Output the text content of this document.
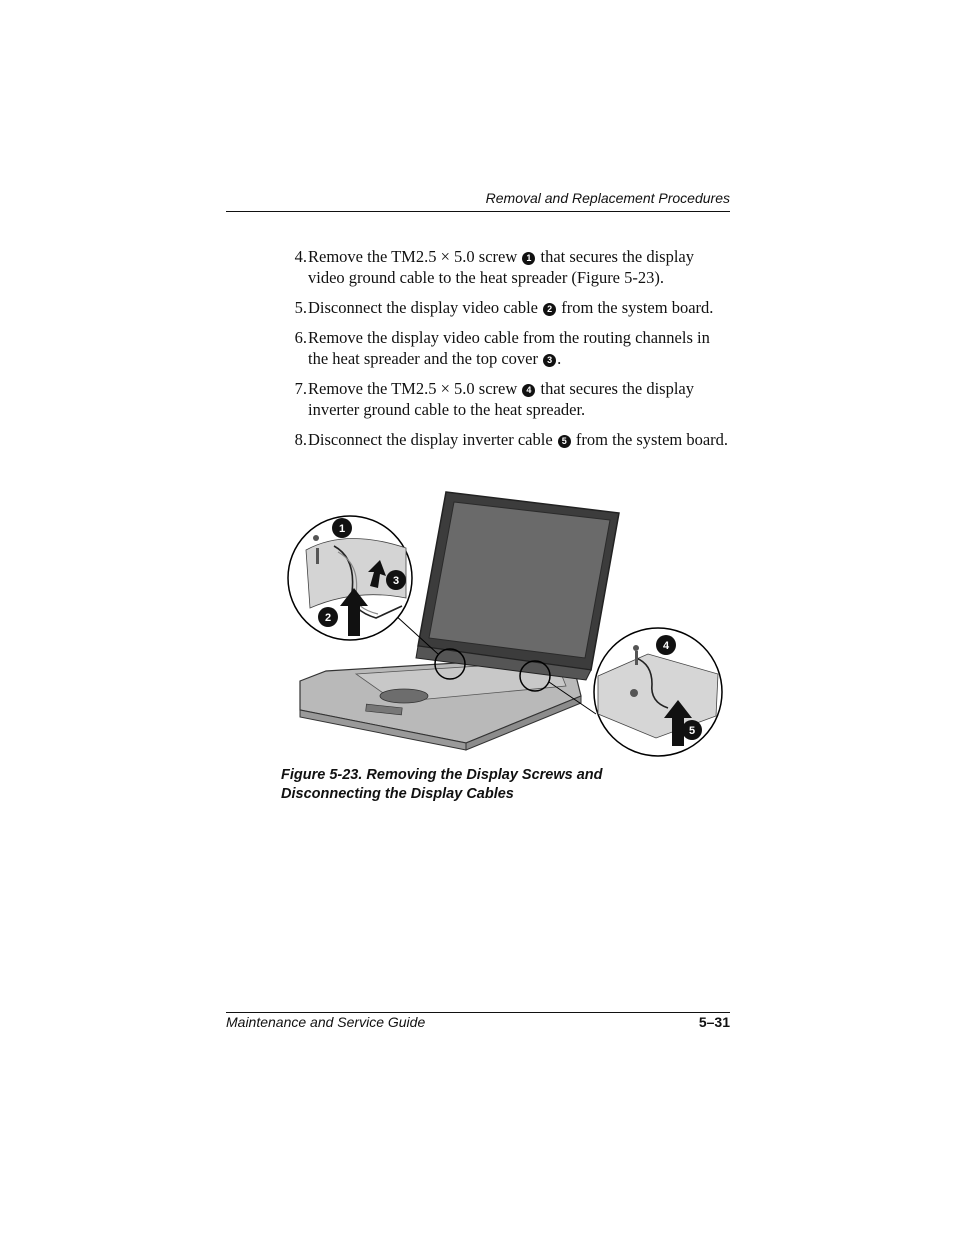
Removal and Replacement Procedures
4. Remove the TM2.5 × 5.0 screw 1 that secures the display video ground cable to the heat spreader (Figure 5-23).
5. Disconnect the display video cable 2 from the system board.
6. Remove the display video cable from the routing channels in the heat spreader and the top cover 3 .
7. Remove the TM2.5 × 5.0 screw 4 that secures the display inverter ground cable to the heat spreader.
8. Disconnect the display inverter cable 5 from the system board.
1
2
3
4
5
Figure 5-23. Removing the Display Screws and
Disconnecting the Display Cables
Maintenance and Service Guide	5–31
